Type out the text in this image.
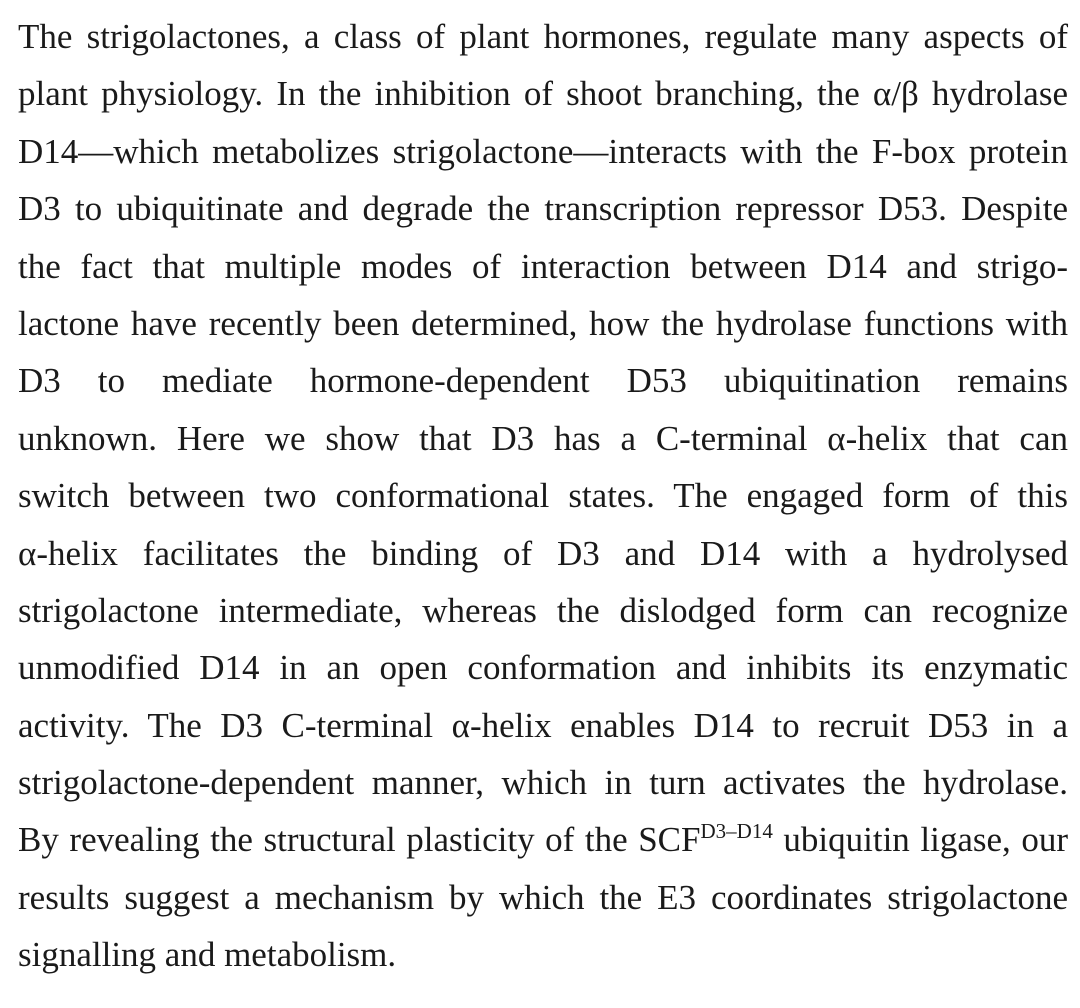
The strigolactones, a class of plant hormones, regulate many aspects of
plant physiology. In the inhibition of shoot branching, the α/β hydrolase
D14—which metabolizes strigolactone—interacts with the F-box protein
D3 to ubiquitinate and degrade the transcription repressor D53. Despite
the fact that multiple modes of interaction between D14 and strigo-
lactone have recently been determined, how the hydrolase functions with
D3 to mediate hormone-dependent D53 ubiquitination remains
unknown. Here we show that D3 has a C-terminal α-helix that can
switch between two conformational states. The engaged form of this
α-helix facilitates the binding of D3 and D14 with a hydrolysed
strigolactone intermediate, whereas the dislodged form can recognize
unmodified D14 in an open conformation and inhibits its enzymatic
activity. The D3 C-terminal α-helix enables D14 to recruit D53 in a
strigolactone-dependent manner, which in turn activates the hydrolase.
By revealing the structural plasticity of the $SCF^{D3-D14}$ ubiquitin ligase, our
results suggest a mechanism by which the E3 coordinates strigolactone
signalling and metabolism.
